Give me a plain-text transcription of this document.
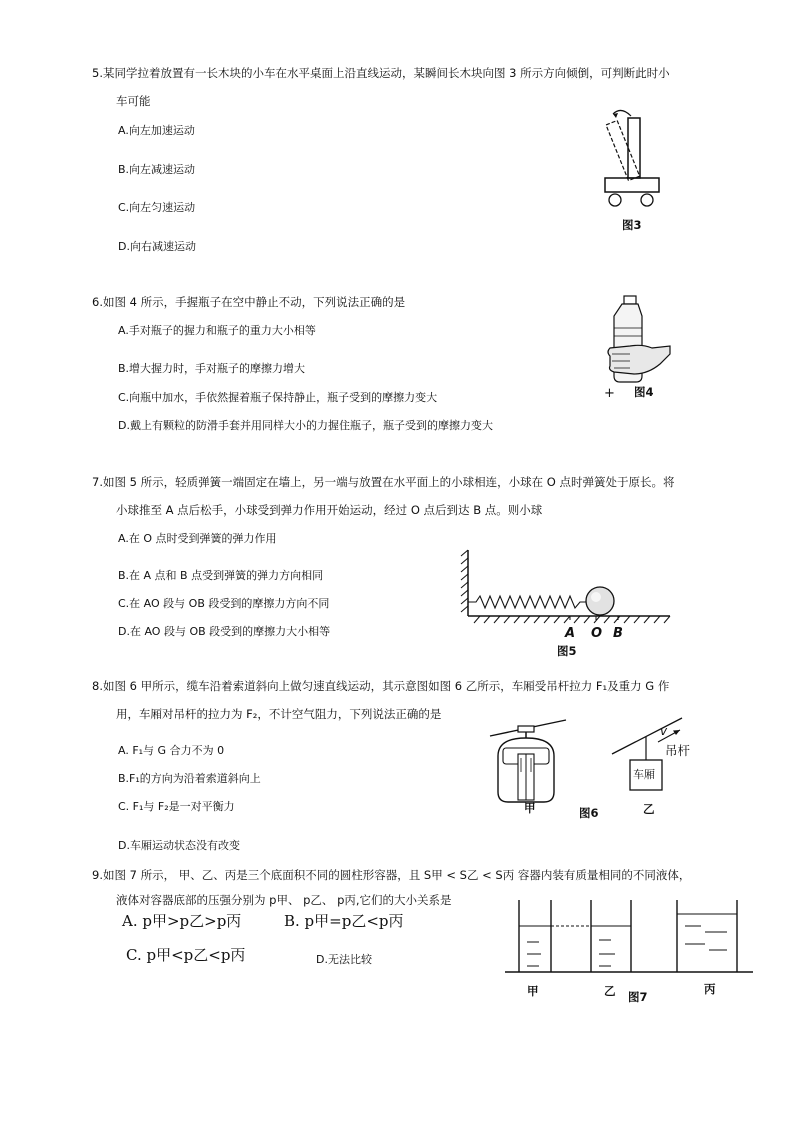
5.某同学拉着放置有一长木块的小车在水平桌面上沿直线运动，某瞬间长木块向图 3 所示方向倾倒，可判断此时小
车可能
A.向左加速运动
B.向左减速运动
C.向左匀速运动
D.向右减速运动
图3
6.如图 4 所示，手握瓶子在空中静止不动，下列说法正确的是
A.手对瓶子的握力和瓶子的重力大小相等
B.增大握力时，手对瓶子的摩擦力增大
C.向瓶中加水，手依然握着瓶子保持静止，瓶子受到的摩擦力变大
D.戴上有颗粒的防滑手套并用同样大小的力握住瓶子，瓶子受到的摩擦力变大
+ 图4
7.如图 5 所示，轻质弹簧一端固定在墙上，另一端与放置在水平面上的小球相连，小球在 O 点时弹簧处于原长。将
小球推至 A 点后松手，小球受到弹力作用开始运动，经过 O 点后到达 B 点。则小球
A.在 O 点时受到弹簧的弹力作用
B.在 A 点和 B 点受到弹簧的弹力方向相同
C.在 AO 段与 OB 段受到的摩擦力方向不同
D.在 AO 段与 OB 段受到的摩擦力大小相等	A O B
图5
8.如图 6 甲所示，缆车沿着索道斜向上做匀速直线运动，其示意图如图 6 乙所示，车厢受吊杆拉力 F₁及重力 G 作
用，车厢对吊杆的拉力为 F₂，不计空气阻力，下列说法正确的是
A. F₁与 G 合力不为 0
B.F₁的方向为沿着索道斜向上
C. F₁与 F₂是一对平衡力
D.车厢运动状态没有改变
甲	图6
v
吊杆
车厢
乙
9.如图 7 所示， 甲、乙、丙是三个底面积不同的圆柱形容器，且 S甲 < S乙 < S丙 容器内装有质量相同的不同液体，
液体对容器底部的压强分别为 p甲、 p乙、 p丙,它们的大小关系是
A. p甲>p乙>p丙	B. p甲=p乙<p丙
C. p甲<p乙<p丙	D.无法比较
甲	乙 图7
丙
